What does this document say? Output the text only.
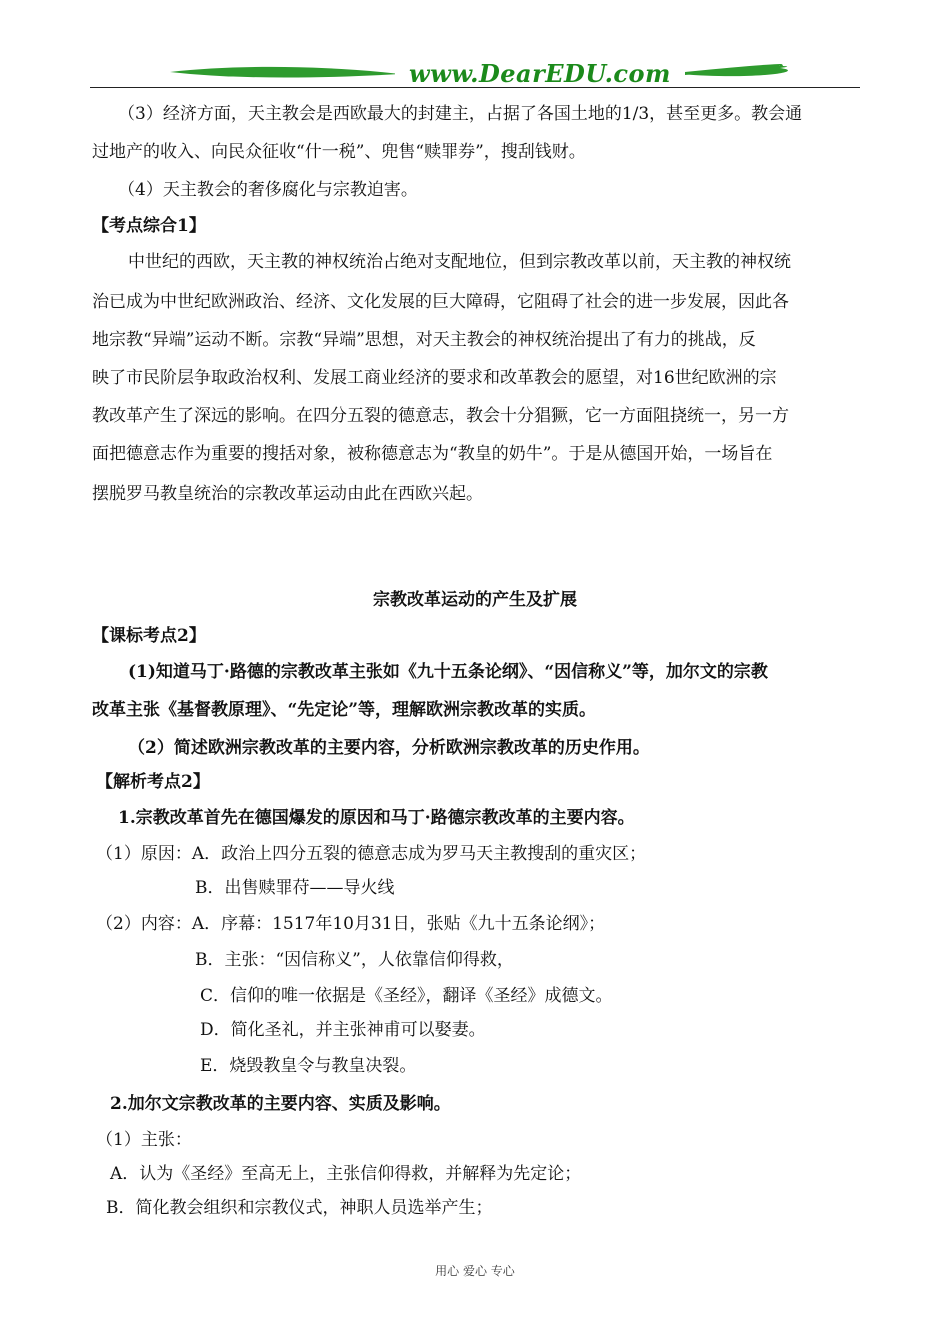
www.DearEDU.com
（3）经济方面，天主教会是西欧最大的封建主，占据了各国土地的1/3，甚至更多。教会通
过地产的收入、向民众征收“什一税”、兜售“赎罪券”，搜刮钱财。
（4）天主教会的奢侈腐化与宗教迫害。
【考点综合1】
中世纪的西欧，天主教的神权统治占绝对支配地位，但到宗教改革以前，天主教的神权统
治已成为中世纪欧洲政治、经济、文化发展的巨大障碍，它阻碍了社会的进一步发展，因此各
地宗教“异端”运动不断。宗教“异端”思想，对天主教会的神权统治提出了有力的挑战，反
映了市民阶层争取政治权利、发展工商业经济的要求和改革教会的愿望，对16世纪欧洲的宗
教改革产生了深远的影响。在四分五裂的德意志，教会十分猖獗，它一方面阻挠统一，另一方
面把德意志作为重要的搜括对象，被称德意志为“教皇的奶牛”。于是从德国开始，一场旨在
摆脱罗马教皇统治的宗教改革运动由此在西欧兴起。
宗教改革运动的产生及扩展
【课标考点2】
(1)知道马丁·路德的宗教改革主张如《九十五条论纲》、“因信称义”等，加尔文的宗教
改革主张《基督教原理》、“先定论”等，理解欧洲宗教改革的实质。
（2）简述欧洲宗教改革的主要内容，分析欧洲宗教改革的历史作用。
【解析考点2】
1.宗教改革首先在德国爆发的原因和马丁·路德宗教改革的主要内容。
（1）原因：A．政治上四分五裂的德意志成为罗马天主教搜刮的重灾区；
B．出售赎罪苻——导火线
（2）内容：A．序幕：1517年10月31日，张贴《九十五条论纲》；
B．主张：“因信称义”，人依靠信仰得救，
C．信仰的唯一依据是《圣经》，翻译《圣经》成德文。
D．简化圣礼，并主张神甫可以娶妻。
E．烧毁教皇令与教皇决裂。
2.加尔文宗教改革的主要内容、实质及影响。
（1）主张：
A．认为《圣经》至高无上，主张信仰得救，并解释为先定论；
B．简化教会组织和宗教仪式，神职人员选举产生；
用心 爱心 专心
